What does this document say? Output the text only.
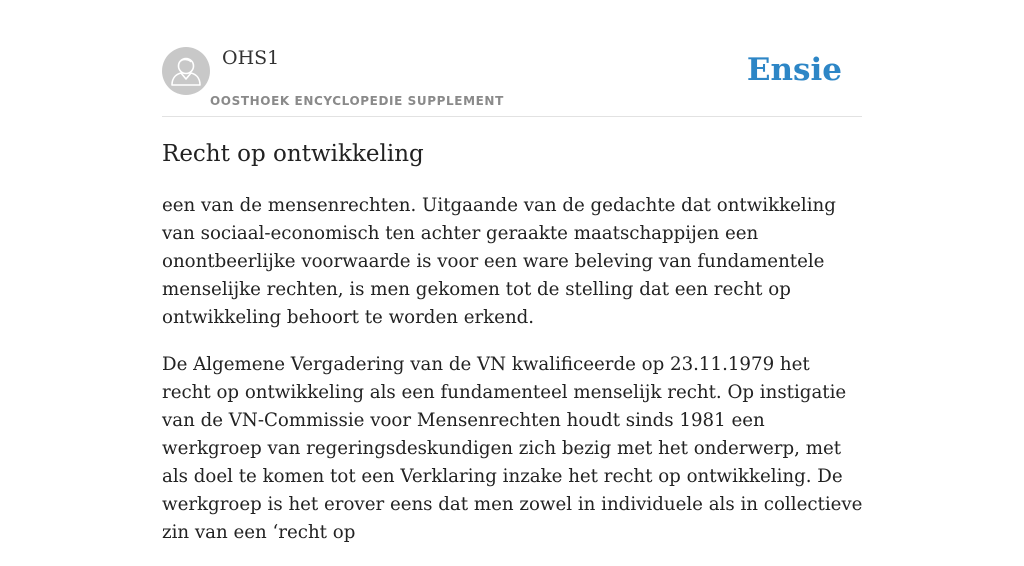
OHS1
OOSTHOEK ENCYCLOPEDIE SUPPLEMENT
Ensie
Recht op ontwikkeling

een van de mensenrechten. Uitgaande van de gedachte dat ontwikkeling van sociaal-economisch ten achter geraakte maatschappijen een onontbeerlijke voorwaarde is voor een ware beleving van fundamentele menselijke rechten, is men gekomen tot de stelling dat een recht op ontwikkeling behoort te worden erkend.

De Algemene Vergadering van de VN kwalificeerde op 23.11.1979 het recht op ontwikkeling als een fundamenteel menselijk recht. Op instigatie van de VN-Commissie voor Mensenrechten houdt sinds 1981 een werkgroep van regeringsdeskundigen zich bezig met het onderwerp, met als doel te komen tot een Verklaring inzake het recht op ontwikkeling. De werkgroep is het erover eens dat men zowel in individuele als in collectieve zin van een ‘recht op
